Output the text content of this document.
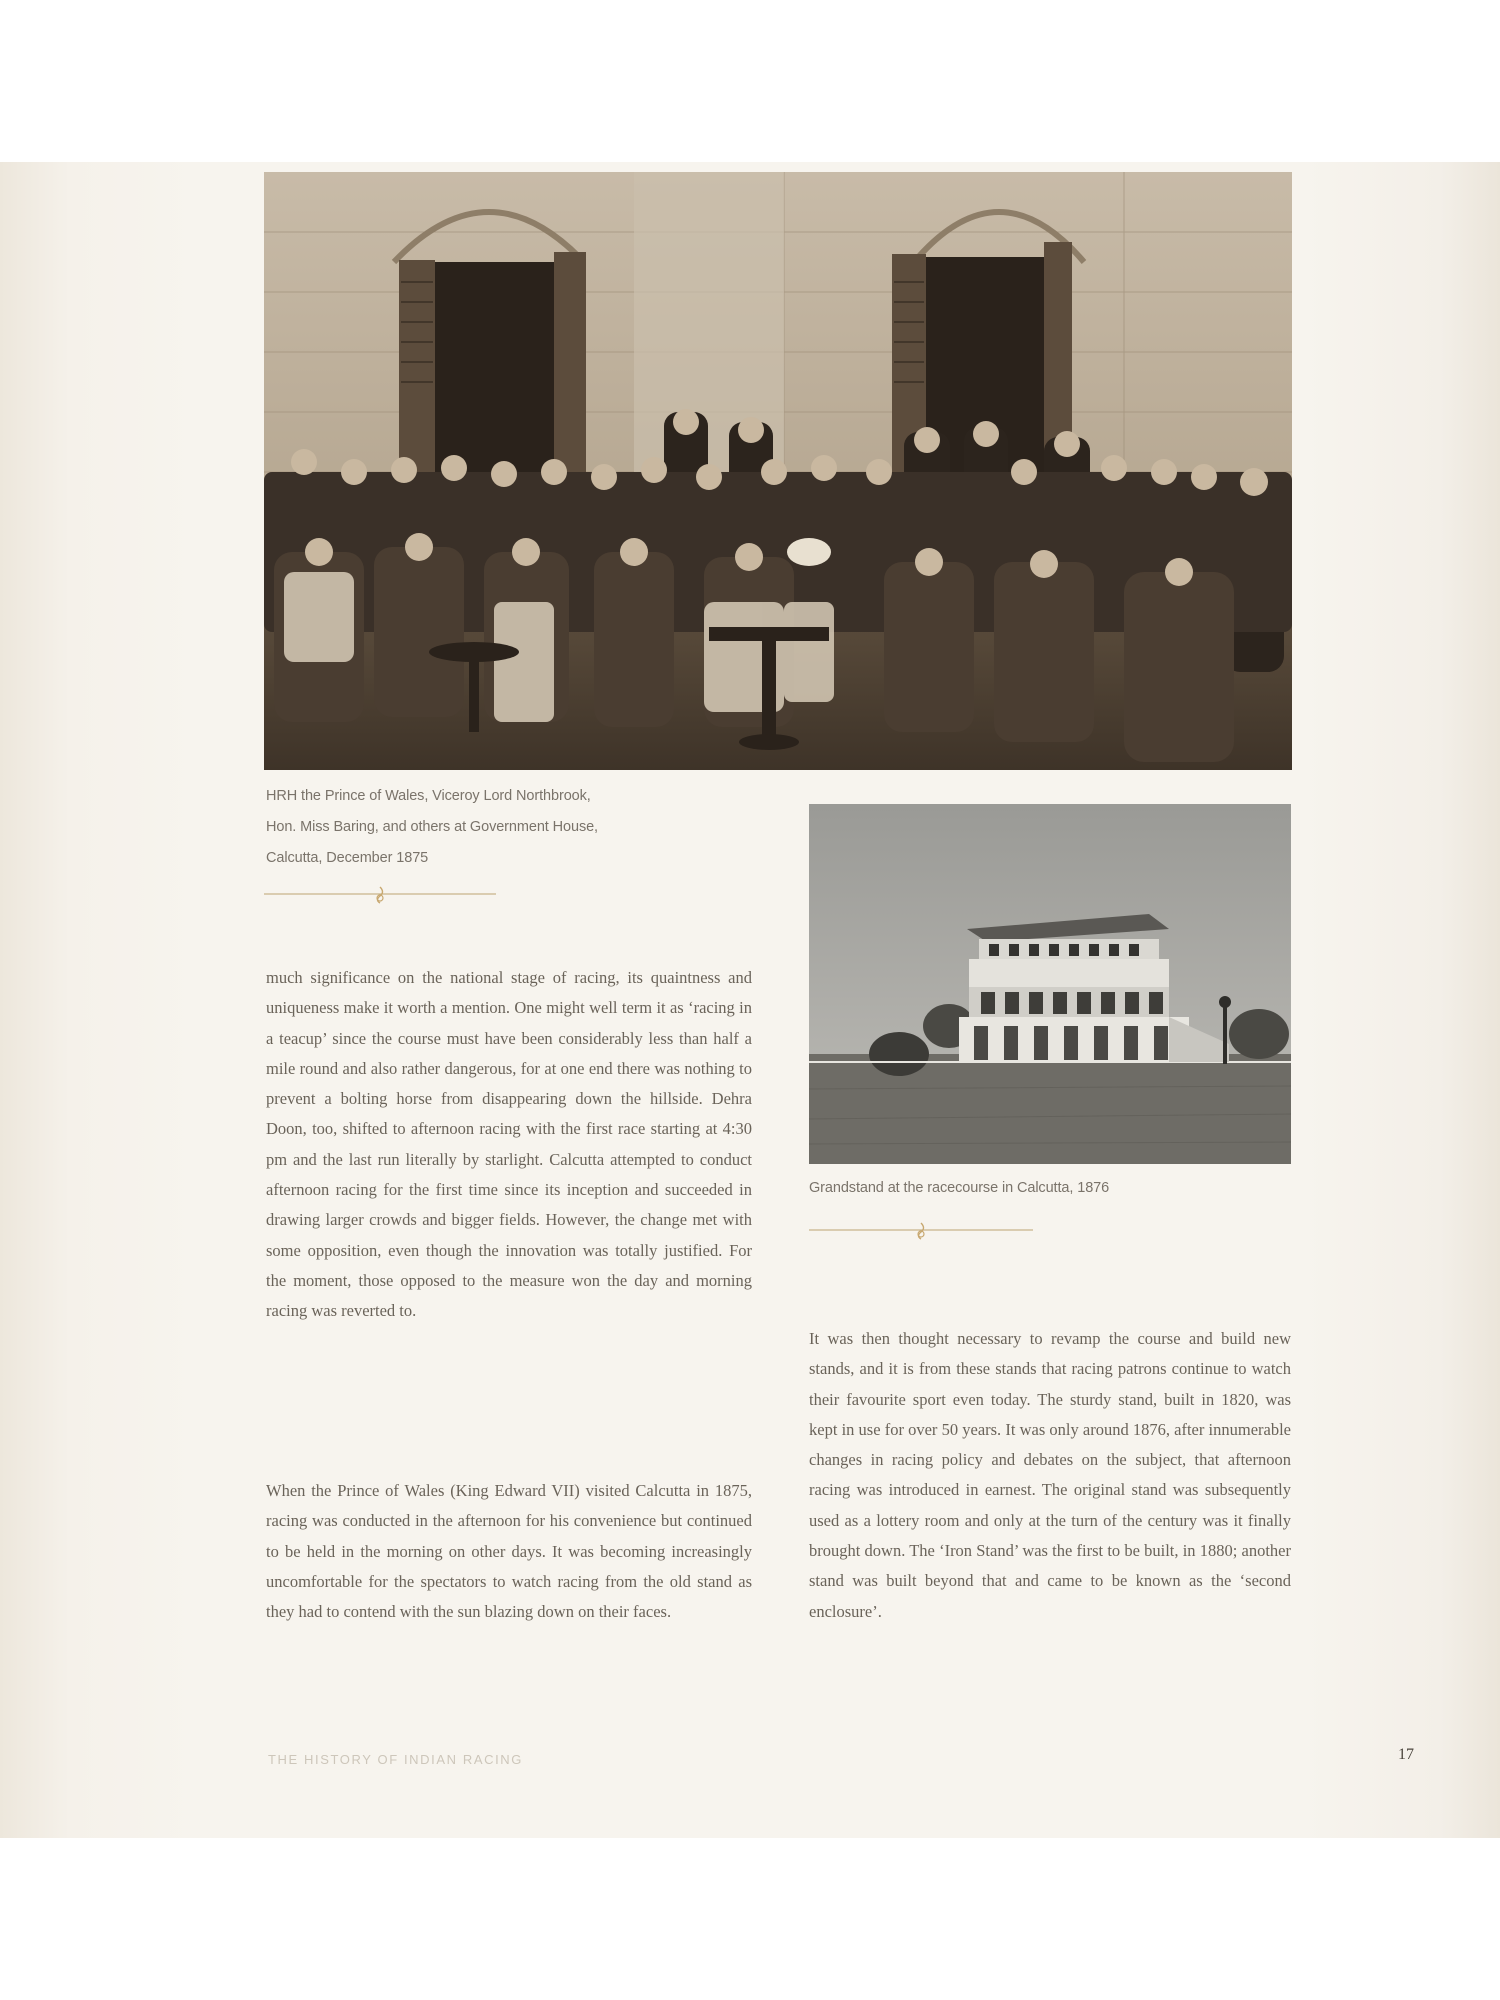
HRH the Prince of Wales, Viceroy Lord Northbrook,
Hon. Miss Baring, and others at Government House,
Calcutta, December 1875
Grandstand at the racecourse in Calcutta, 1876

much significance on the national stage of racing, its quaintness and uniqueness make it worth a mention. One might well term it as ‘racing in a teacup’ since the course must have been considerably less than half a mile round and also rather dangerous, for at one end there was nothing to prevent a bolting horse from disappearing down the hillside. Dehra Doon, too, shifted to afternoon racing with the first race starting at 4:30 pm and the last run literally by starlight. Calcutta attempted to conduct afternoon racing for the first time since its inception and succeeded in drawing larger crowds and bigger fields. However, the change met with some opposition, even though the innovation was totally justified. For the moment, those opposed to the measure won the day and morning racing was reverted to.

When the Prince of Wales (King Edward VII) visited Calcutta in 1875, racing was conducted in the afternoon for his convenience but continued to be held in the morning on other days. It was becoming increasingly uncomfortable for the spectators to watch racing from the old stand as they had to contend with the sun blazing down on their faces.

It was then thought necessary to revamp the course and build new stands, and it is from these stands that racing patrons continue to watch their favourite sport even today. The sturdy stand, built in 1820, was kept in use for over 50 years. It was only around 1876, after innumerable changes in racing policy and debates on the subject, that afternoon racing was introduced in earnest. The original stand was subsequently used as a lottery room and only at the turn of the century was it finally brought down. The ‘Iron Stand’ was the first to be built, in 1880; another stand was built beyond that and came to be known as the ‘second enclosure’.

THE HISTORY OF INDIAN RACING	17
